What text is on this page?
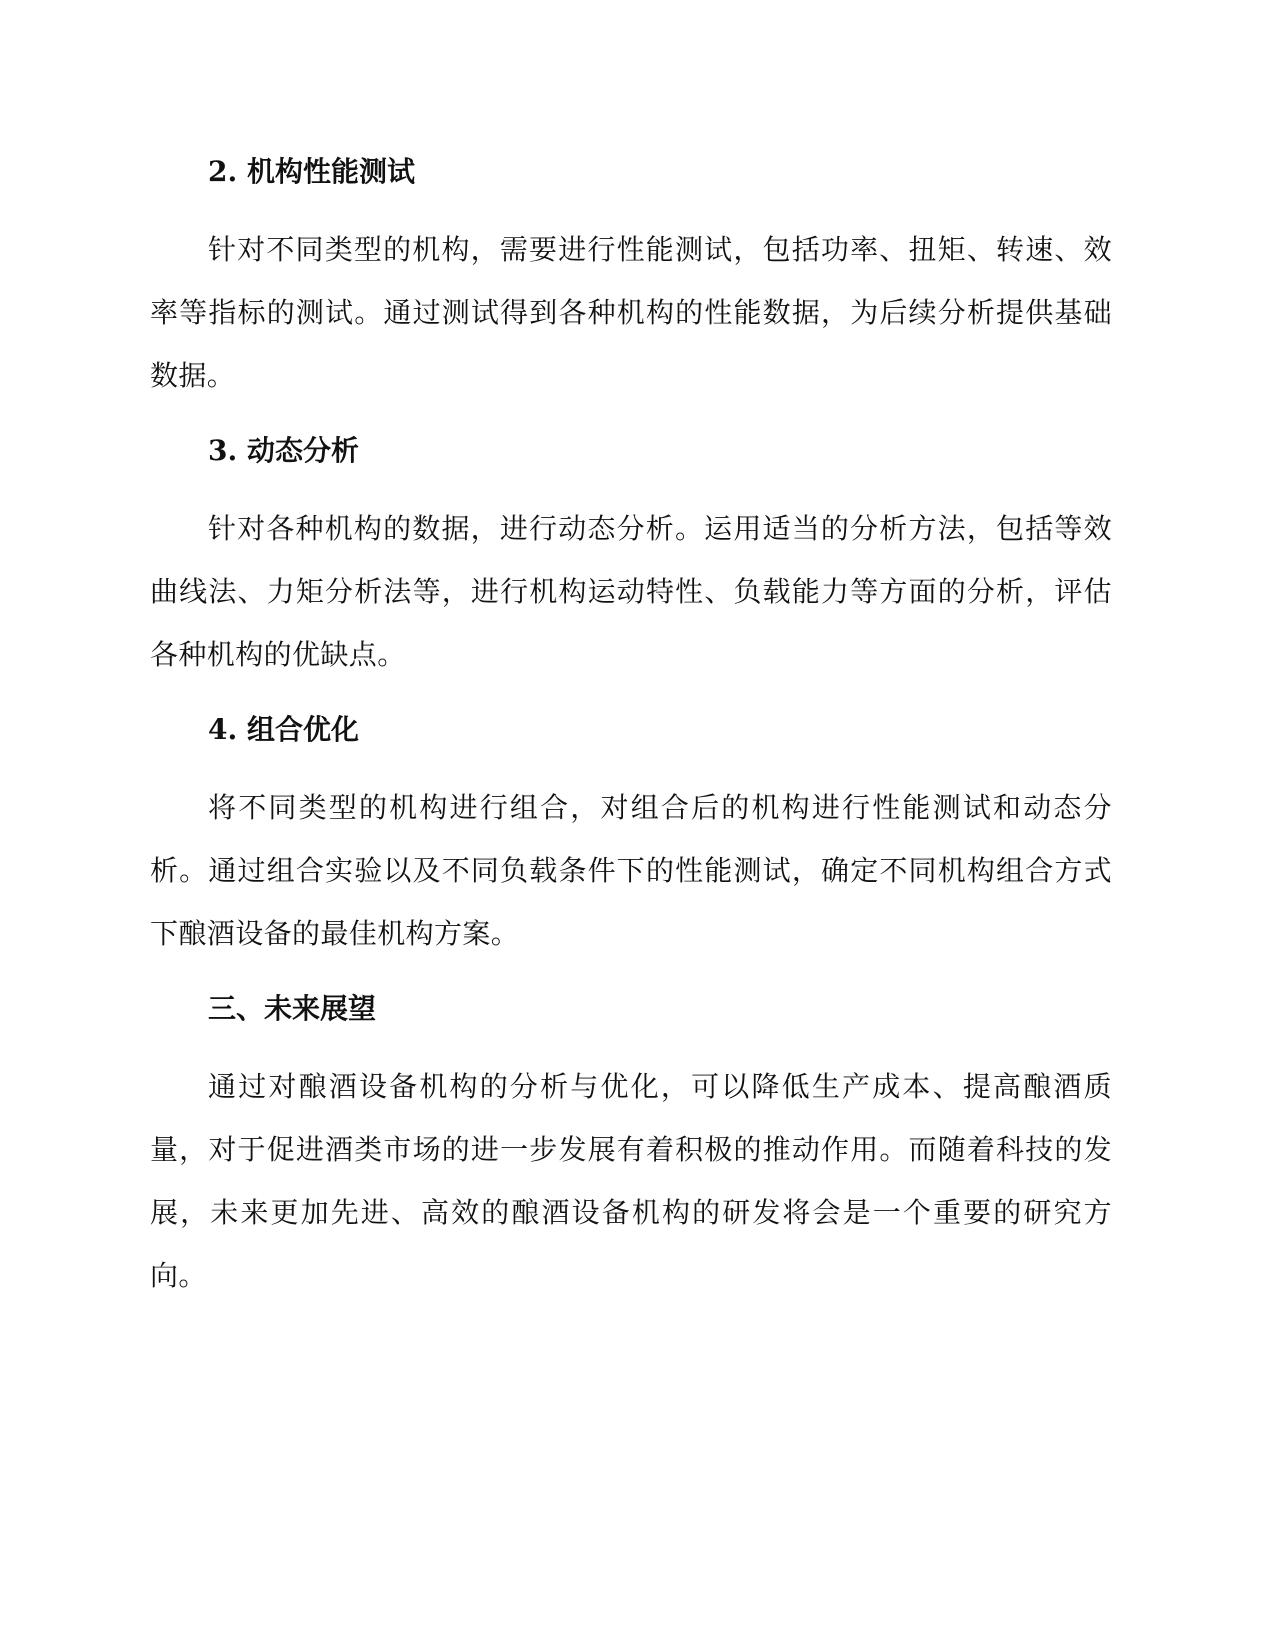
2. 机构性能测试

针对不同类型的机构，需要进行性能测试，包括功率、扭矩、转速、效率等指标的测试。通过测试得到各种机构的性能数据，为后续分析提供基础数据。

3. 动态分析

针对各种机构的数据，进行动态分析。运用适当的分析方法，包括等效曲线法、力矩分析法等，进行机构运动特性、负载能力等方面的分析，评估各种机构的优缺点。

4. 组合优化

将不同类型的机构进行组合，对组合后的机构进行性能测试和动态分析。通过组合实验以及不同负载条件下的性能测试，确定不同机构组合方式下酿酒设备的最佳机构方案。

三、未来展望

通过对酿酒设备机构的分析与优化，可以降低生产成本、提高酿酒质量，对于促进酒类市场的进一步发展有着积极的推动作用。而随着科技的发展，未来更加先进、高效的酿酒设备机构的研发将会是一个重要的研究方向。
